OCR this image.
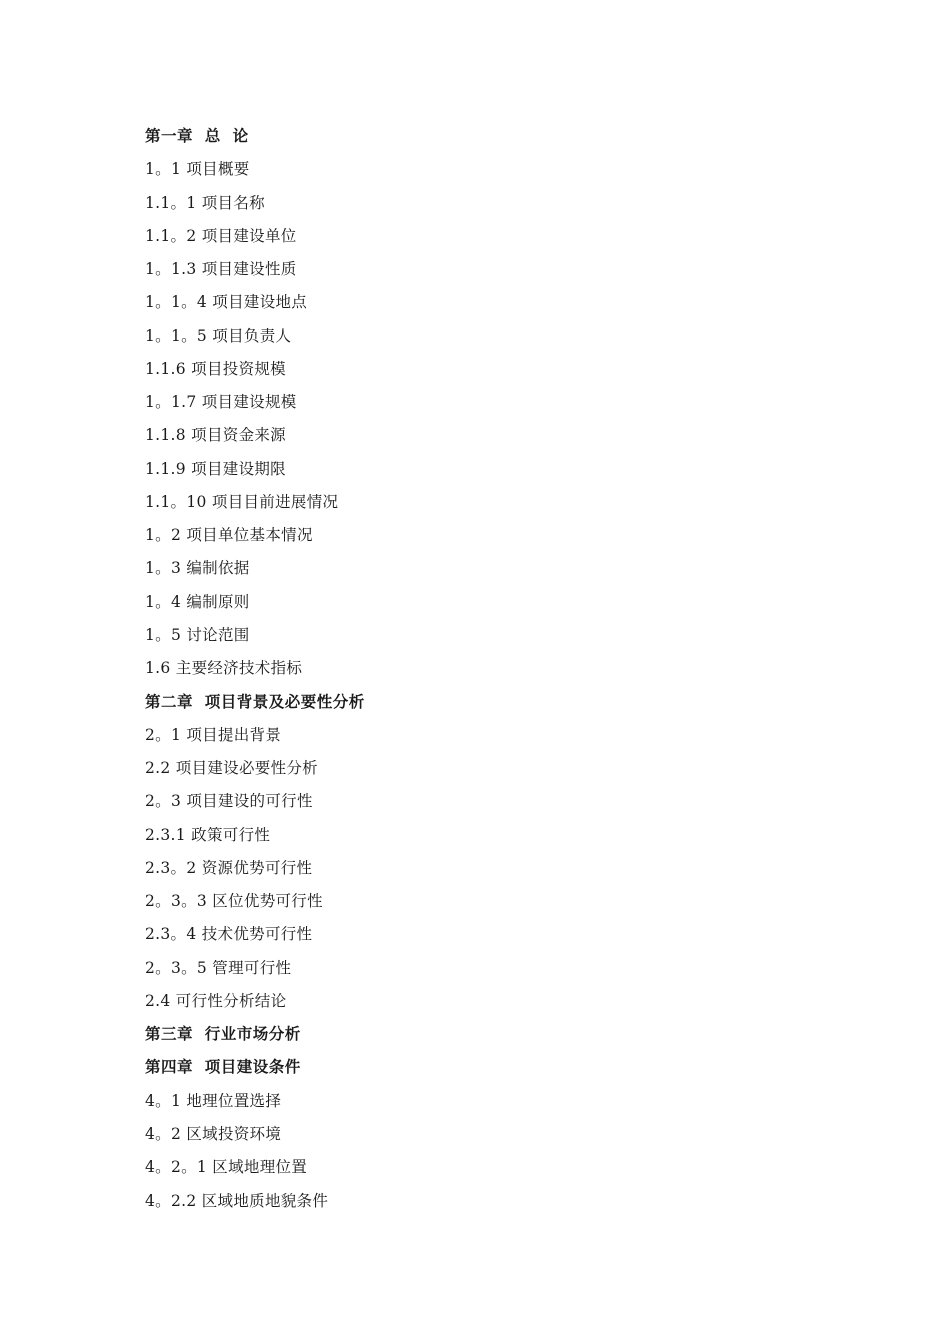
第一章  总  论
1。1 项目概要
1.1。1 项目名称
1.1。2 项目建设单位
1。1.3 项目建设性质
1。1。4 项目建设地点
1。1。5 项目负责人
1.1.6 项目投资规模
1。1.7 项目建设规模
1.1.8 项目资金来源
1.1.9 项目建设期限
1.1。10 项目目前进展情况
1。2 项目单位基本情况
1。3 编制依据
1。4 编制原则
1。5 讨论范围
1.6 主要经济技术指标
第二章  项目背景及必要性分析
2。1 项目提出背景
2.2 项目建设必要性分析
2。3 项目建设的可行性
2.3.1 政策可行性
2.3。2 资源优势可行性
2。3。3 区位优势可行性
2.3。4 技术优势可行性
2。3。5 管理可行性
2.4 可行性分析结论
第三章  行业市场分析
第四章  项目建设条件
4。1 地理位置选择
4。2 区域投资环境
4。2。1 区域地理位置
4。2.2 区域地质地貌条件
